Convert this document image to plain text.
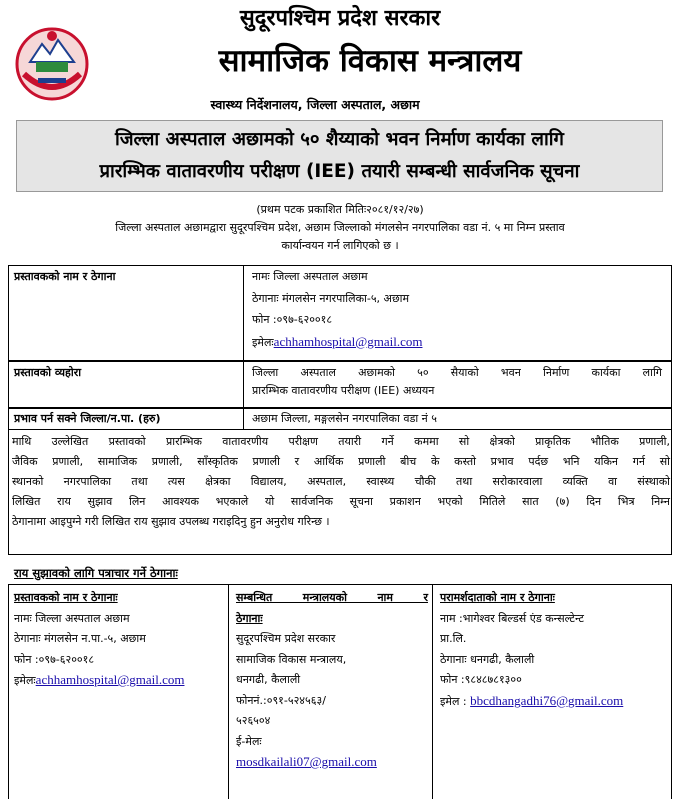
सुदूरपश्चिम प्रदेश सरकार
सामाजिक विकास मन्त्रालय
स्वास्थ्य निर्देशनालय, जिल्ला अस्पताल, अछाम
जिल्ला अस्पताल अछामको ५० शैय्याको भवन निर्माण कार्यका लागि
प्रारम्भिक वातावरणीय परीक्षण (IEE) तयारी सम्बन्धी सार्वजनिक सूचना
(प्रथम पटक प्रकाशित मितिः२०८१/१२/२७)
जिल्ला अस्पताल अछामद्वारा सुदूरपश्चिम प्रदेश, अछाम जिल्लाको मंगलसेन नगरपालिका वडा नं. ५ मा निम्न प्रस्ताव
कार्यान्वयन गर्न लागिएको छ ।
प्रस्तावकको नाम र ठेगाना	नामः जिल्ला अस्पताल अछाम
ठेगानाः मंगलसेन नगरपालिका-५, अछाम
फोन :०९७-६२००१८
इमेलःachhamhospital@gmail.com
प्रस्तावको व्यहोरा	जिल्ला अस्पताल अछामको ५० सैयाको भवन निर्माण कार्यका लागि
प्रारम्भिक वातावरणीय परीक्षण (IEE) अध्ययन
प्रभाव पर्न सक्ने जिल्ला/न.पा. (हरु)	अछाम जिल्ला, मङ्गलसेन नगरपालिका वडा नं ५
माथि उल्लेखित प्रस्तावको प्रारम्भिक वातावरणीय परीक्षण तयारी गर्ने कममा सो क्षेत्रको प्राकृतिक भौतिक प्रणाली,
जैविक प्रणाली, सामाजिक प्रणाली, साँस्कृतिक प्रणाली र आर्थिक प्रणाली बीच के कस्तो प्रभाव पर्दछ भनि यकिन गर्न सो
स्थानको नगरपालिका तथा त्यस क्षेत्रका विद्यालय, अस्पताल, स्वास्थ्य चौकी तथा सरोकारवाला व्यक्ति वा संस्थाको
लिखित राय सुझाव लिन आवश्यक भएकाले यो सार्वजनिक सूचना प्रकाशन भएको मितिले सात (७) दिन भित्र निम्न
ठेगानामा आइपुग्ने गरी लिखित राय सुझाव उपलब्ध गराइदिनु हुन अनुरोध गरिन्छ ।
राय सुझावको लागि पत्राचार गर्ने ठेगानाः
प्रस्तावकको नाम र ठेगानाः
नामः जिल्ला अस्पताल अछाम
ठेगानाः मंगलसेन न.पा.-५, अछाम
फोन :०९७-६२००१८
इमेलःachhamhospital@gmail.com
सम्बन्धित मन्त्रालयको नाम र
ठेगानाः
सुदूरपश्चिम प्रदेश सरकार
सामाजिक विकास मन्त्रालय,
धनगढी, कैलाली
फोननं.:०९१-५२४५६३/
५२६५०४
ई-मेलः
mosdkailali07@gmail.com
परामर्शदाताको नाम र ठेगानाः
नाम :भागेश्वर बिल्डर्स एंड कन्सल्टेन्ट
प्रा.लि.
ठेगानाः धनगढी, कैलाली
फोन :९८४८७८१३००
इमेल : bbcdhangadhi76@gmail.com
